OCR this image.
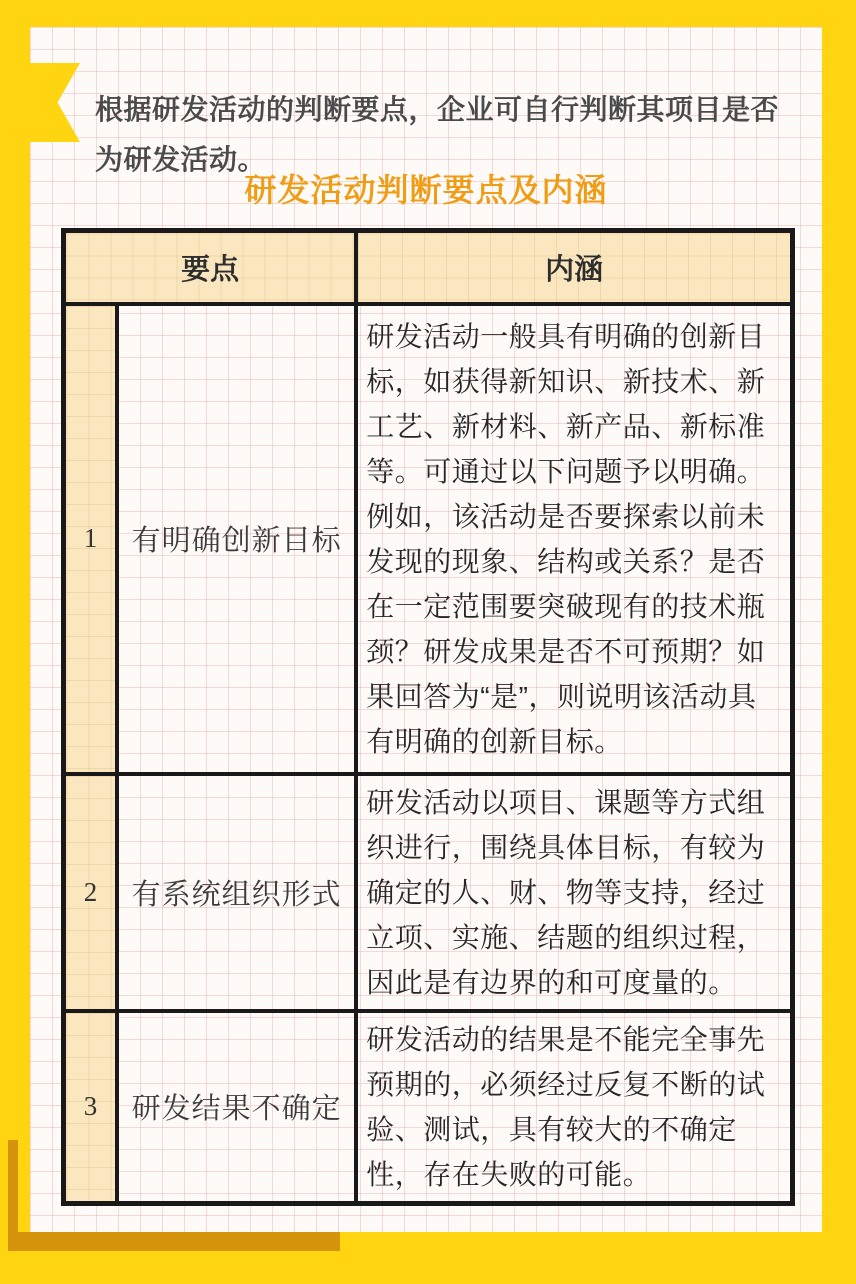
根据研发活动的判断要点，企业可自行判断其项目是否为研发活动。

研发活动判断要点及内涵
要点		内涵
1	有明确创新目标	研发活动一般具有明确的创新目标，如获得新知识、新技术、新工艺、新材料、新产品、新标准等。可通过以下问题予以明确。例如，该活动是否要探索以前未发现的现象、结构或关系？是否在一定范围要突破现有的技术瓶颈？研发成果是否不可预期？如果回答为“是”，则说明该活动具有明确的创新目标。
2	有系统组织形式	研发活动以项目、课题等方式组织进行，围绕具体目标，有较为确定的人、财、物等支持，经过立项、实施、结题的组织过程，因此是有边界的和可度量的。
3	研发结果不确定	研发活动的结果是不能完全事先预期的，必须经过反复不断的试验、测试，具有较大的不确定性，存在失败的可能。
